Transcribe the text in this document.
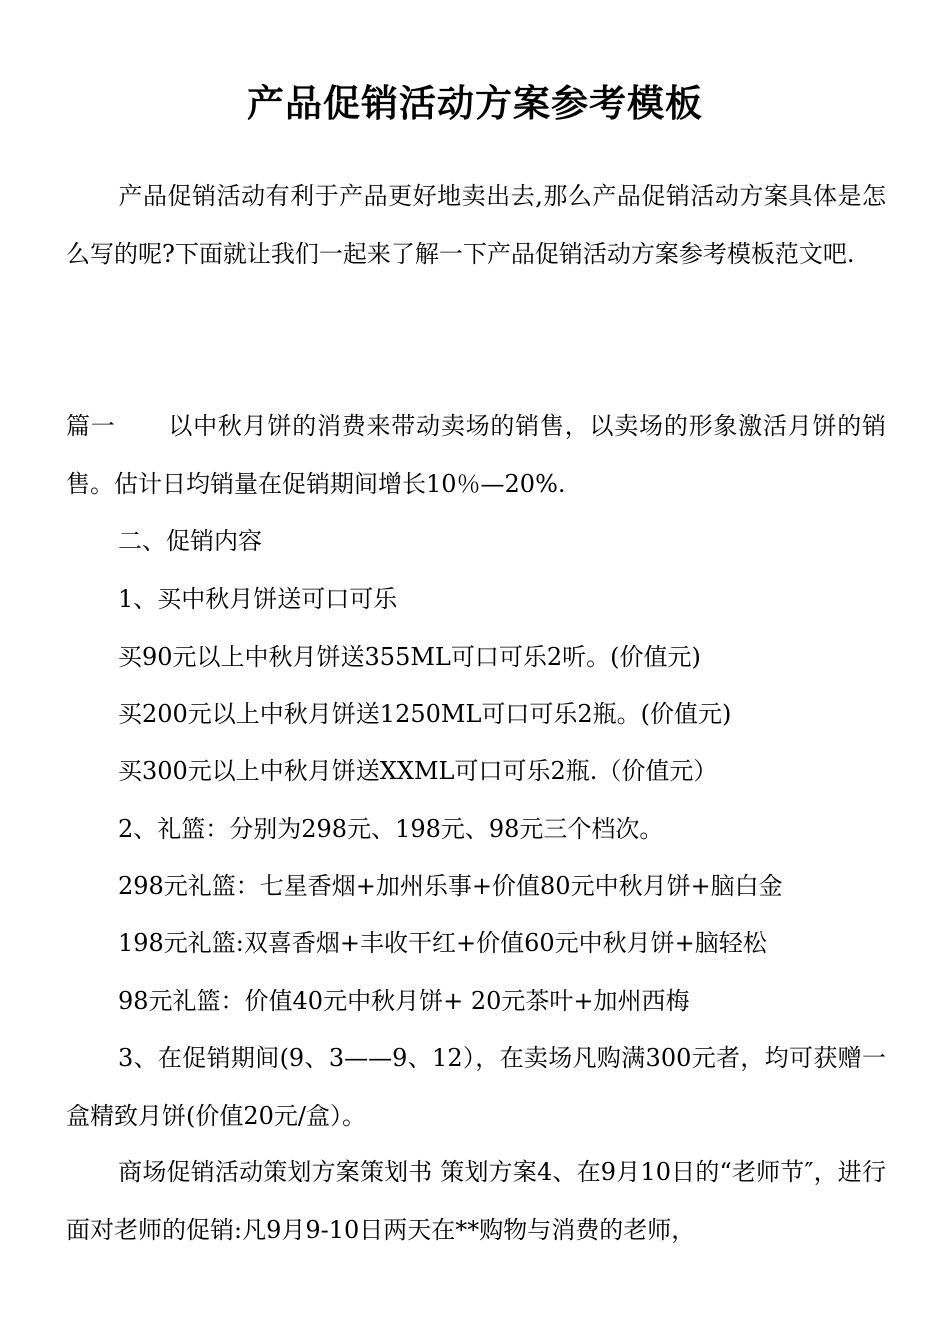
产品促销活动方案参考模板
产品促销活动有利于产品更好地卖出去,那么产品促销活动方案具体是怎么写的呢?下面就让我们一起来了解一下产品促销活动方案参考模板范文吧.
篇一 以中秋月饼的消费来带动卖场的销售，以卖场的形象激活月饼的销售。估计日均销量在促销期间增长10％—20%.
二、促销内容
1、买中秋月饼送可口可乐
买90元以上中秋月饼送355ML可口可乐2听。(价值元)
买200元以上中秋月饼送1250ML可口可乐2瓶。(价值元)
买300元以上中秋月饼送XXML可口可乐2瓶.（价值元）
2、礼篮：分别为298元、198元、98元三个档次。
298元礼篮：七星香烟+加州乐事+价值80元中秋月饼+脑白金
198元礼篮:双喜香烟+丰收干红+价值60元中秋月饼+脑轻松
98元礼篮：价值40元中秋月饼+ 20元茶叶+加州西梅
3、在促销期间(9、3——9、12），在卖场凡购满300元者，均可获赠一盒精致月饼(价值20元/盒）。
商场促销活动策划方案策划书 策划方案4、在9月10日的“老师节″，进行面对老师的促销:凡9月9-10日两天在**购物与消费的老师，
